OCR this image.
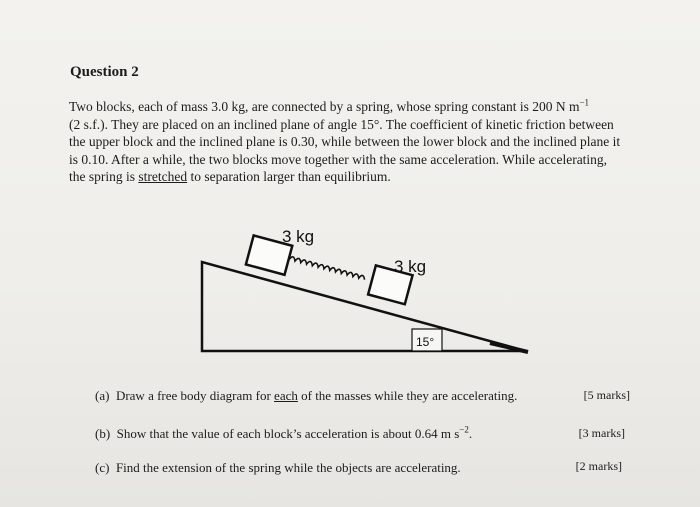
Question 2
Two blocks, each of mass 3.0 kg, are connected by a spring, whose spring constant is 200 N $m^{-1}$
(2 s.f.). They are placed on an inclined plane of angle 15°. The coefficient of kinetic friction between
the upper block and the inclined plane is 0.30, while between the lower block and the inclined plane it
is 0.10. After a while, the two blocks move together with the same acceleration. While accelerating,
the spring is stretched to separation larger than equilibrium.
3 kg
3 kg
15°
(a) Draw a free body diagram for each of the masses while they are accelerating.	[5 marks]
(b) Show that the value of each block’s acceleration is about 0.64 m $s^{-2}$.	[3 marks]
(c) Find the extension of the spring while the objects are accelerating.	[2 marks]
